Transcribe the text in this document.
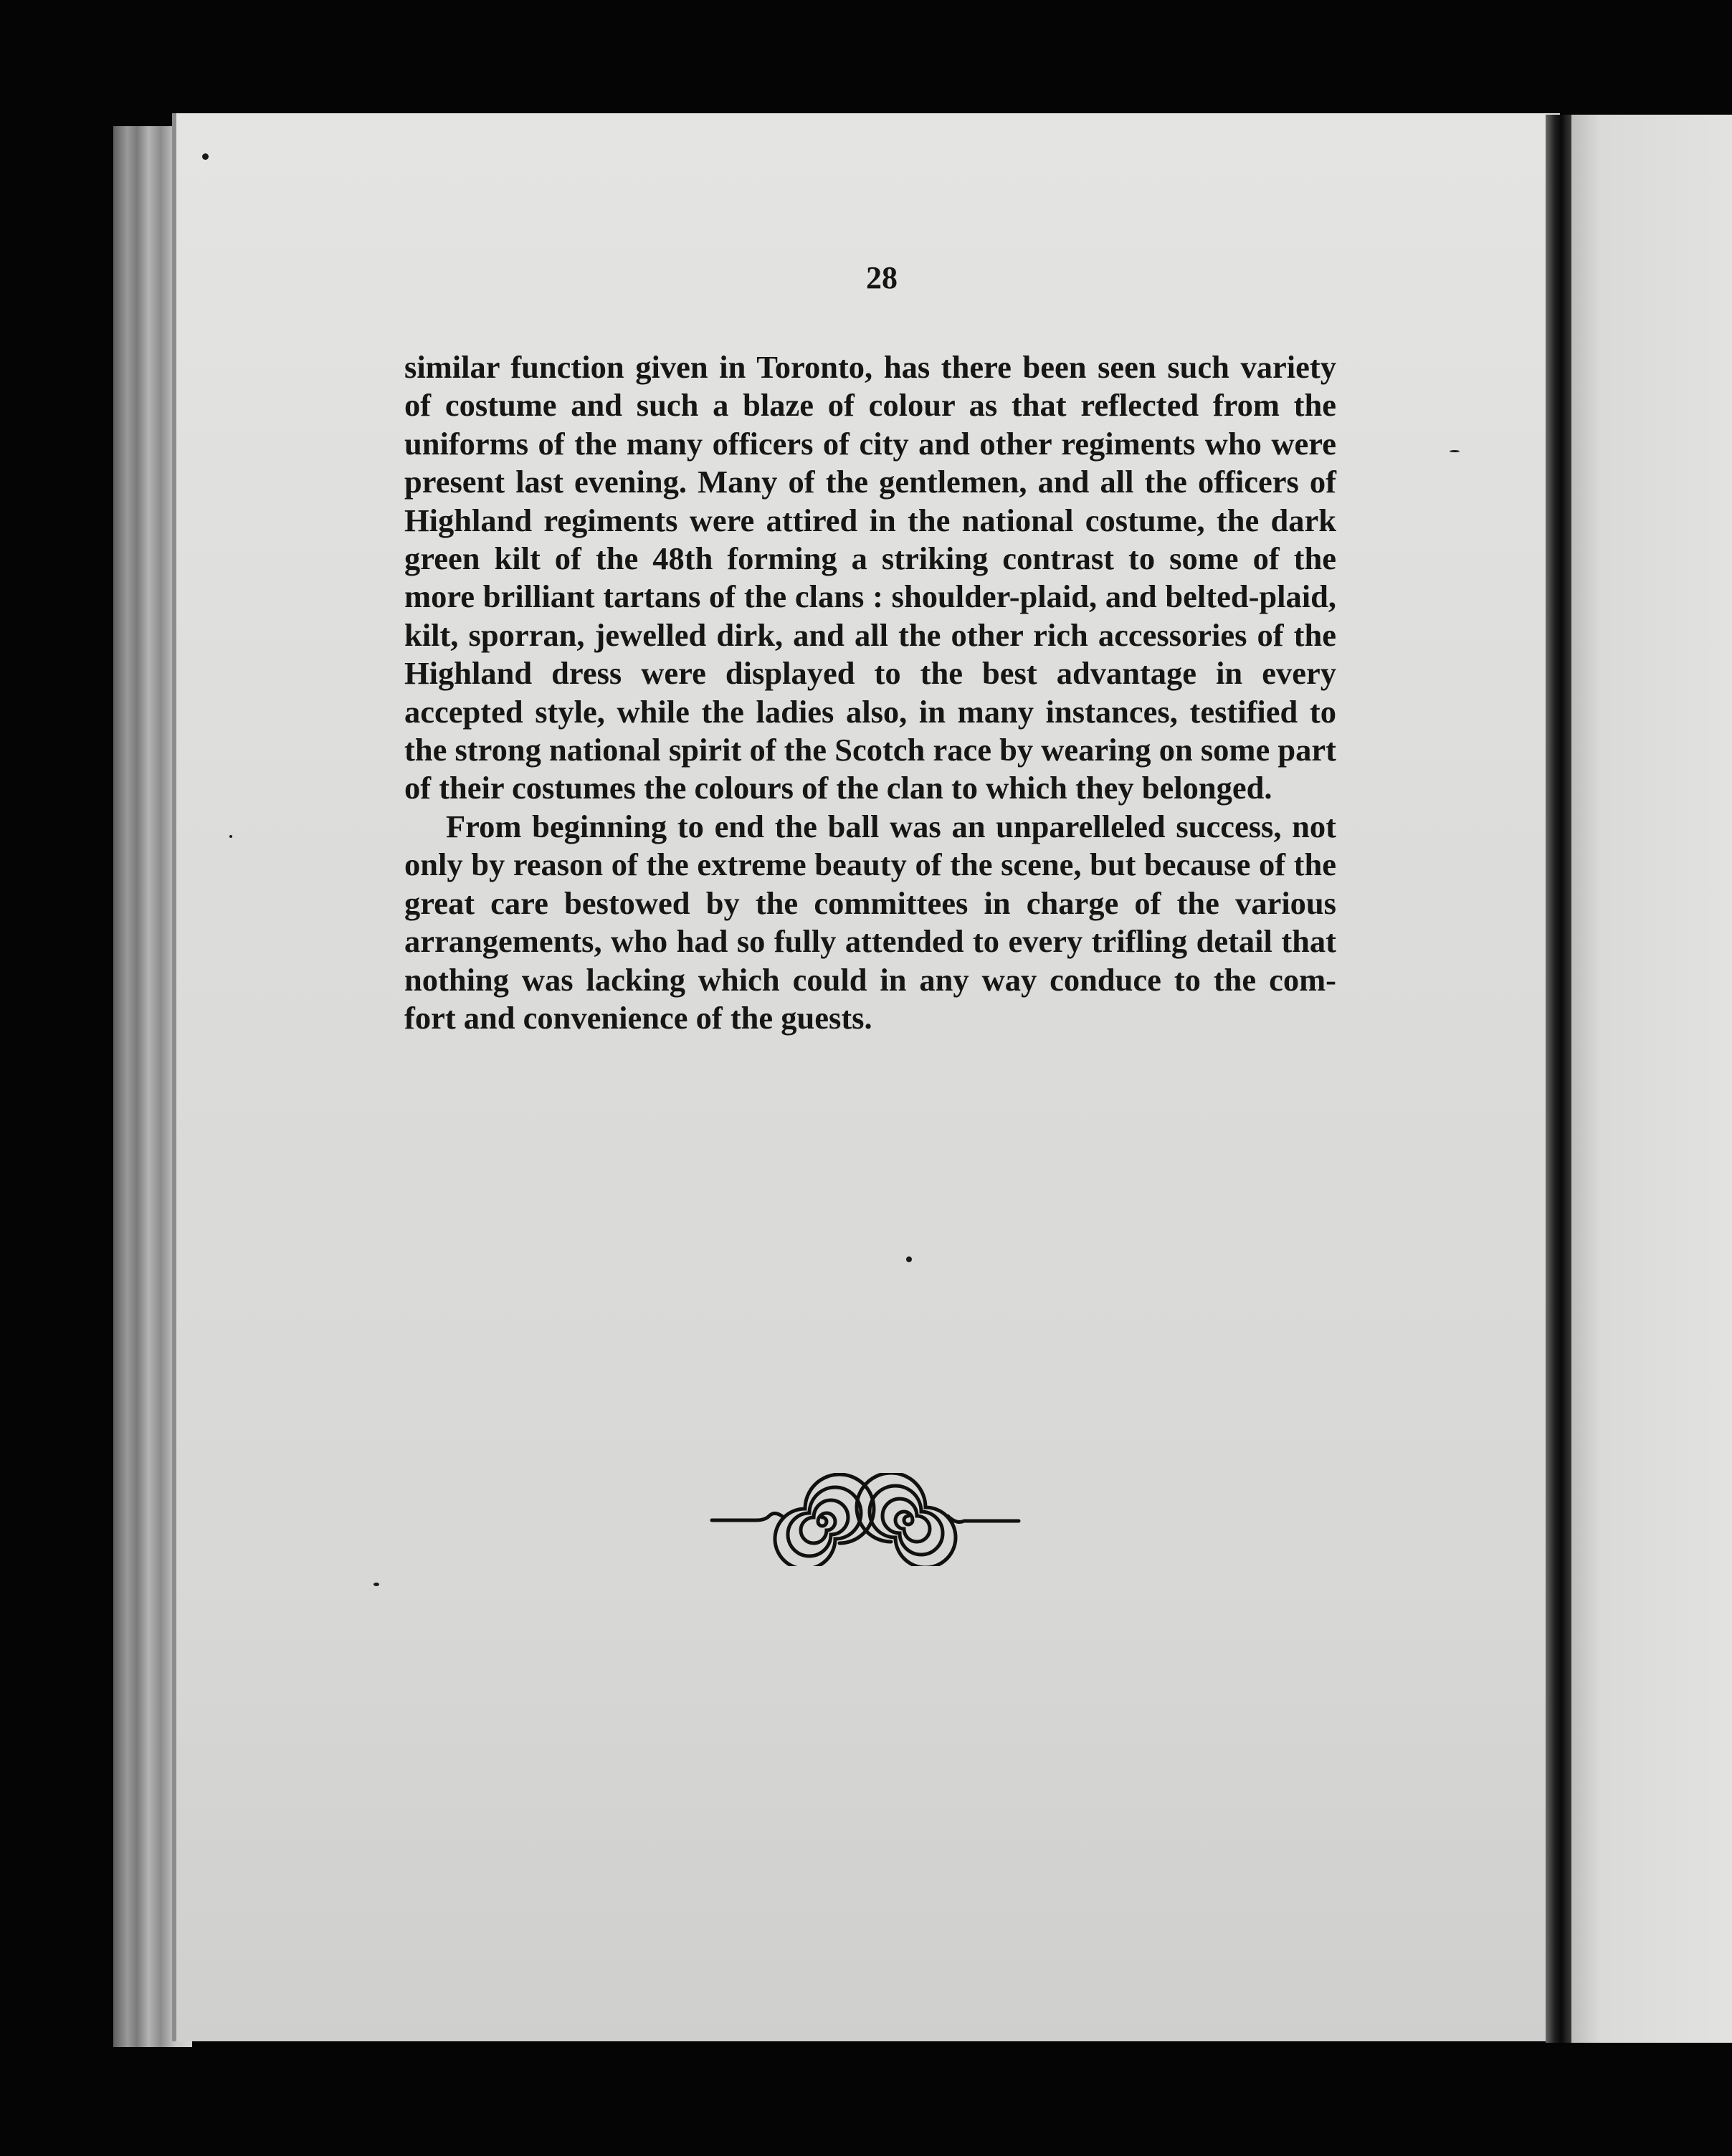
28

similar function given in Toronto, has there been seen such variety of costume and such a blaze of colour as that reflected from the uniforms of the many officers of city and other regiments who were present last evening. Many of the gentlemen, and all the officers of Highland regiments were attired in the national costume, the dark green kilt of the 48th forming a striking contrast to some of the more brilliant tartans of the clans : shoulder-plaid, and belted-plaid, kilt, sporran, jewelled dirk, and all the other rich accessories of the Highland dress were displayed to the best advantage in every accepted style, while the ladies also, in many instances, testified to the strong national spirit of the Scotch race by wearing on some part of their costumes the colours of the clan to which they belonged.

From beginning to end the ball was an unparelleled success, not only by reason of the extreme beauty of the scene, but because of the great care bestowed by the committees in charge of the various arrangements, who had so fully attended to every trifling detail that nothing was lacking which could in any way conduce to the com- fort and convenience of the guests.
